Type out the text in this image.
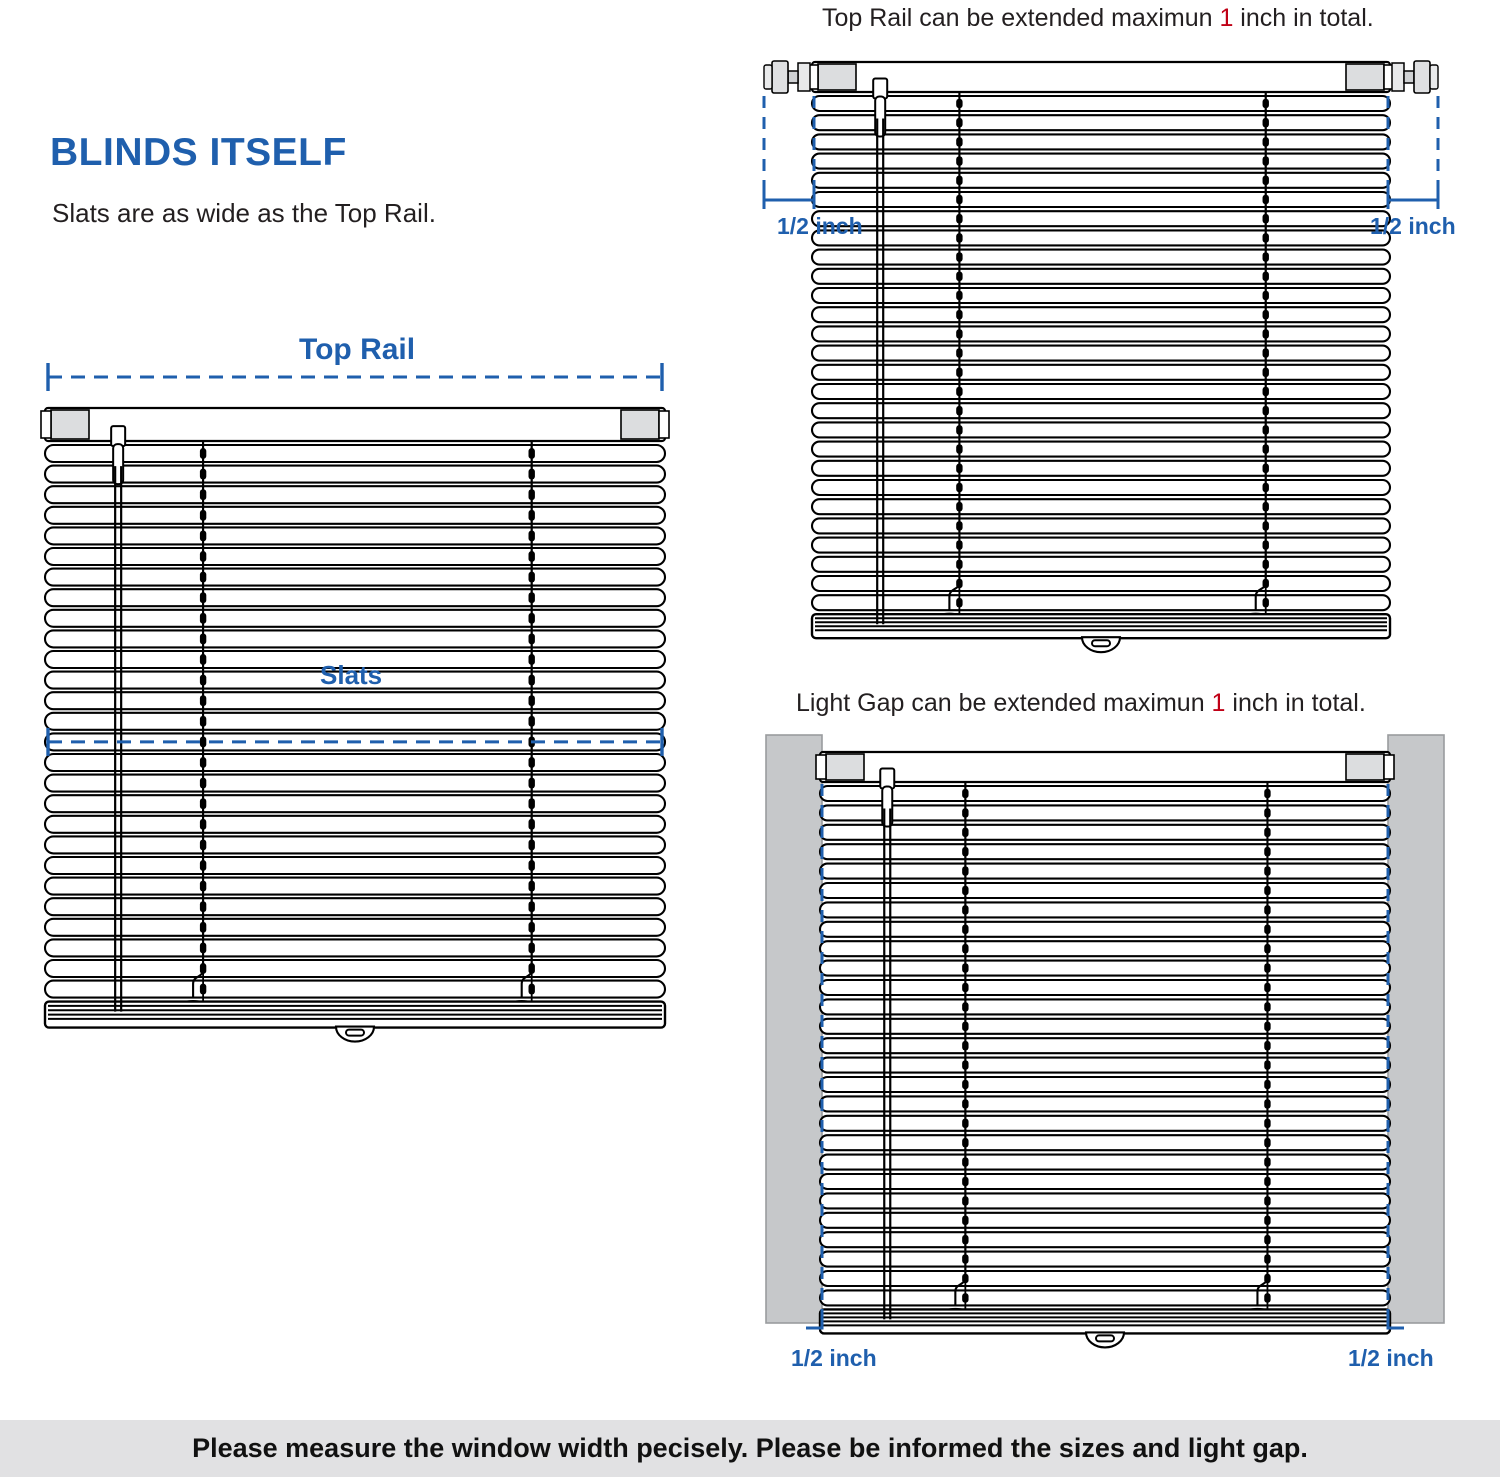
BLINDS ITSELF
Slats are as wide as the Top Rail.
Top Rail can be extended maximun 1 inch in total.
Light Gap can be extended maximun 1 inch in total.
Top Rail
Slats
1/2 inch	1/2 inch
1/2 inch	1/2 inch
Please measure the window width pecisely. Please be informed the sizes and light gap.
